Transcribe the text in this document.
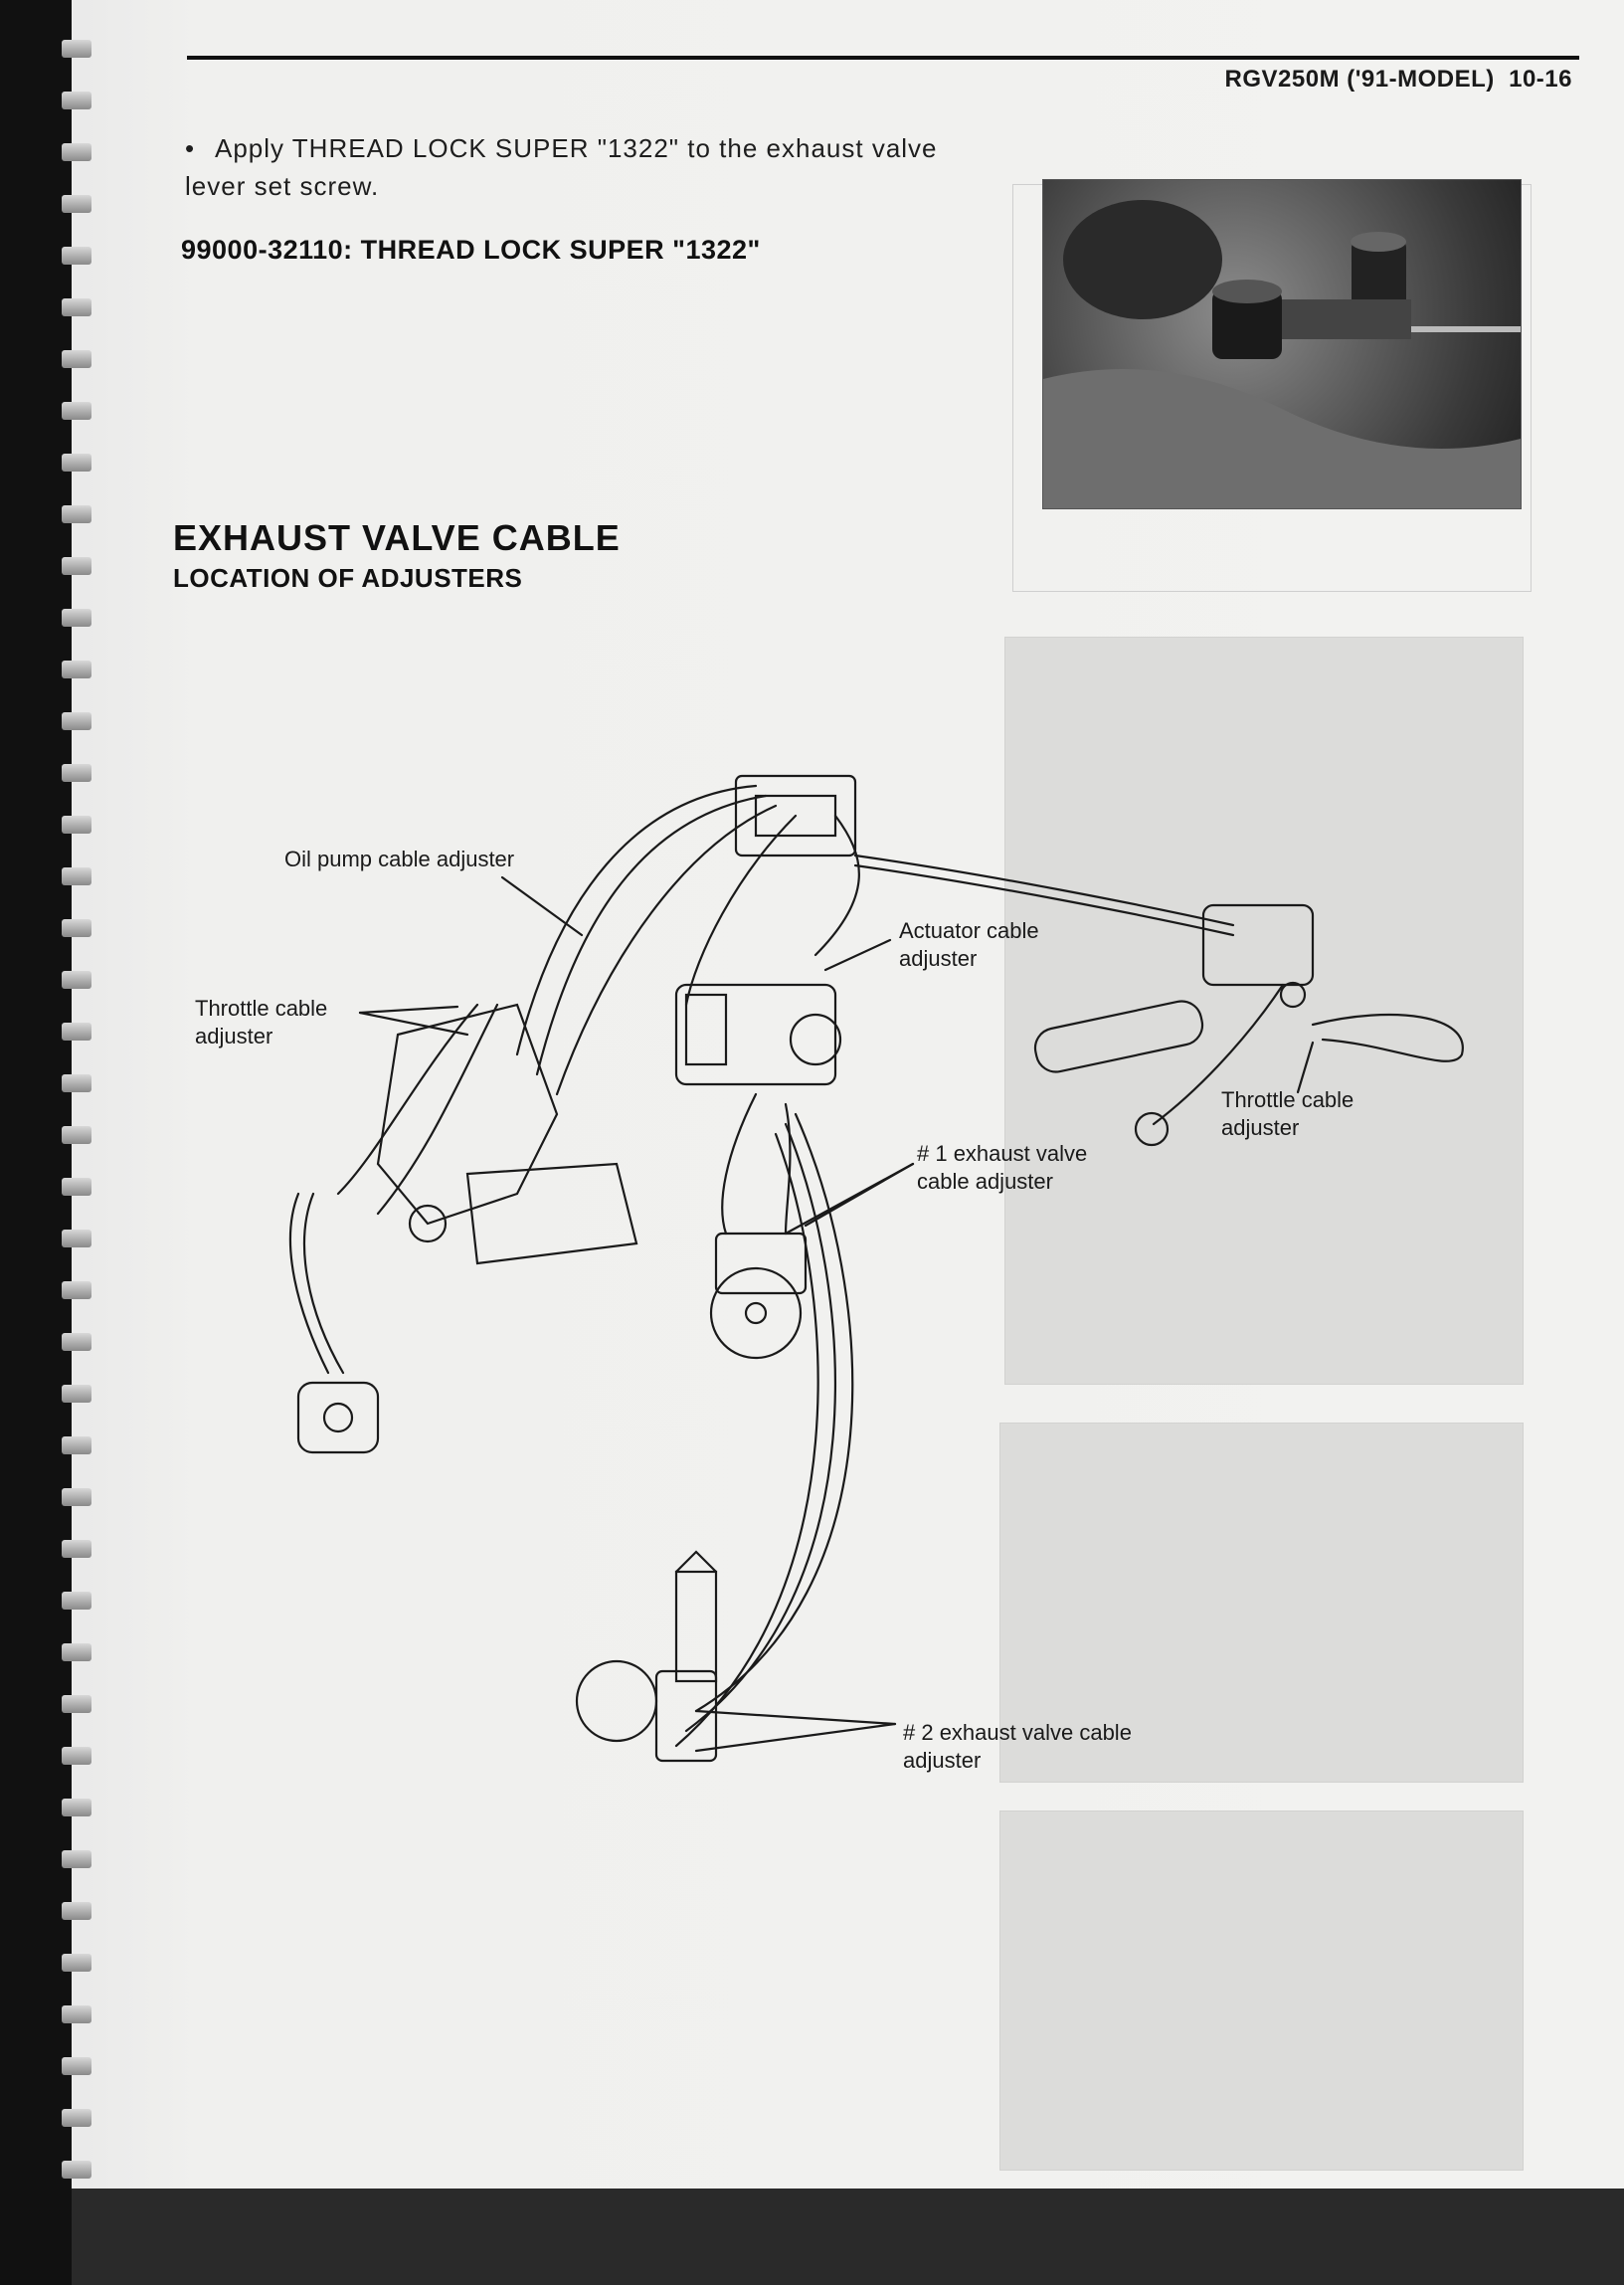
RGV250M ('91-MODEL) 10-16
• Apply THREAD LOCK SUPER "1322" to the exhaust valve lever set screw.
99000-32110: THREAD LOCK SUPER "1322"
EXHAUST VALVE CABLE
LOCATION OF ADJUSTERS
Oil pump cable adjuster
Throttle cable
adjuster
Actuator cable
adjuster
Throttle cable
adjuster
# 1 exhaust valve
cable adjuster
# 2 exhaust valve cable
adjuster
